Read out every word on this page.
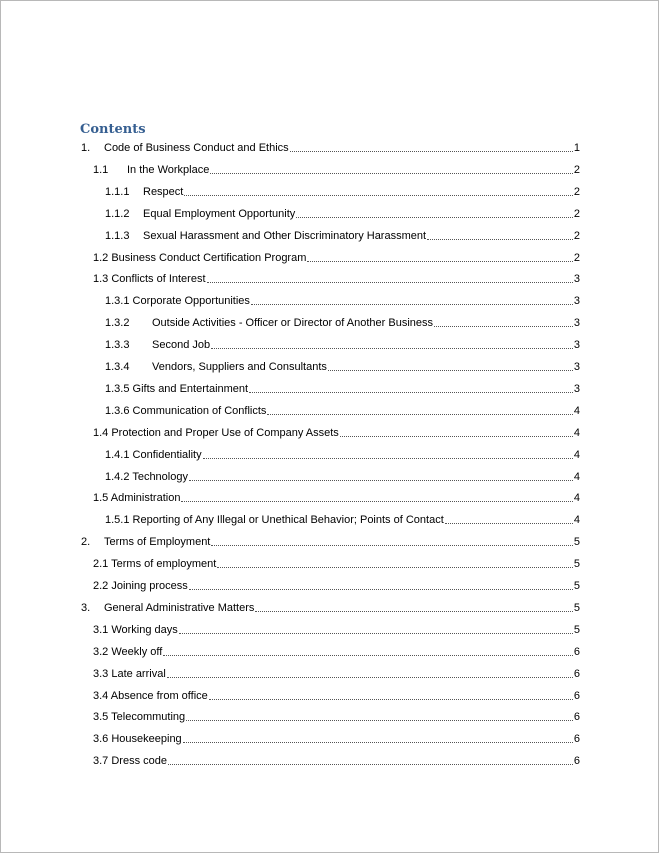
Contents
1. Code of Business Conduct and Ethics	1
1.1 In the Workplace	2
1.1.1 Respect	2
1.1.2 Equal Employment Opportunity	2
1.1.3 Sexual Harassment and Other Discriminatory Harassment	2
1.2 Business Conduct Certification Program	2
1.3 Conflicts of Interest	3
1.3.1 Corporate Opportunities	3
1.3.2 Outside Activities - Officer or Director of Another Business	3
1.3.3 Second Job	3
1.3.4 Vendors, Suppliers and Consultants	3
1.3.5 Gifts and Entertainment	3
1.3.6 Communication of Conflicts	4
1.4 Protection and Proper Use of Company Assets	4
1.4.1 Confidentiality	4
1.4.2 Technology	4
1.5 Administration	4
1.5.1 Reporting of Any Illegal or Unethical Behavior; Points of Contact	4
2. Terms of Employment	5
2.1 Terms of employment	5
2.2 Joining process	5
3. General Administrative Matters	5
3.1 Working days	5
3.2 Weekly off	6
3.3 Late arrival	6
3.4 Absence from office	6
3.5 Telecommuting	6
3.6 Housekeeping	6
3.7 Dress code	6
